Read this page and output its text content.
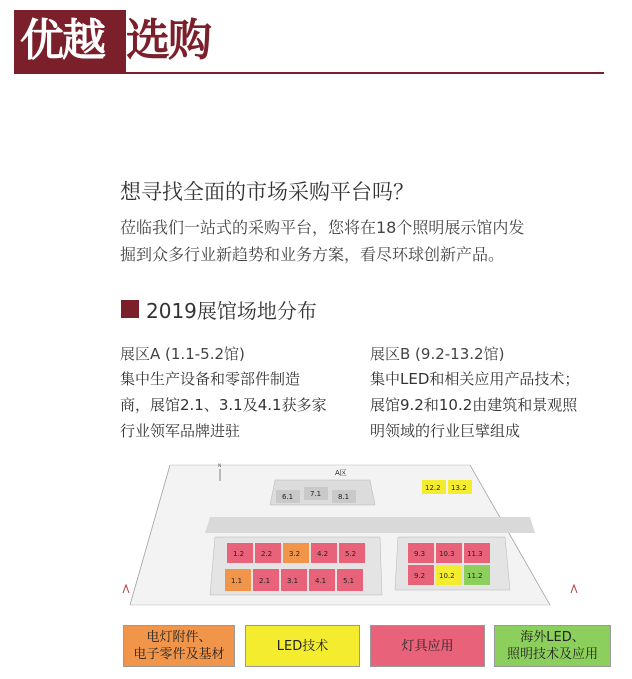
优越 选购
想寻找全面的市场采购平台吗？
莅临我们一站式的采购平台，您将在18个照明展示馆内发
掘到众多行业新趋势和业务方案，看尽环球创新产品。
2019展馆场地分布
展区A (1.1-5.2馆)
集中生产设备和零部件制造
商，展馆2.1、3.1及4.1获多家
行业领军品牌进驻
展区B (9.2-13.2馆)
集中LED和相关应用产品技术；
展馆9.2和10.2由建筑和景观照
明领域的行业巨擘组成
N
A区
6.1 7.1 8.1
12.2 13.2
1.2 2.2 3.2 4.2 5.2
1.1 2.1 3.1 4.1 5.1
9.3 10.3 11.3
9.2 10.2 11.2
电灯附件、
电子零件及基材
LED技术	灯具应用
海外LED、
照明技术及应用
